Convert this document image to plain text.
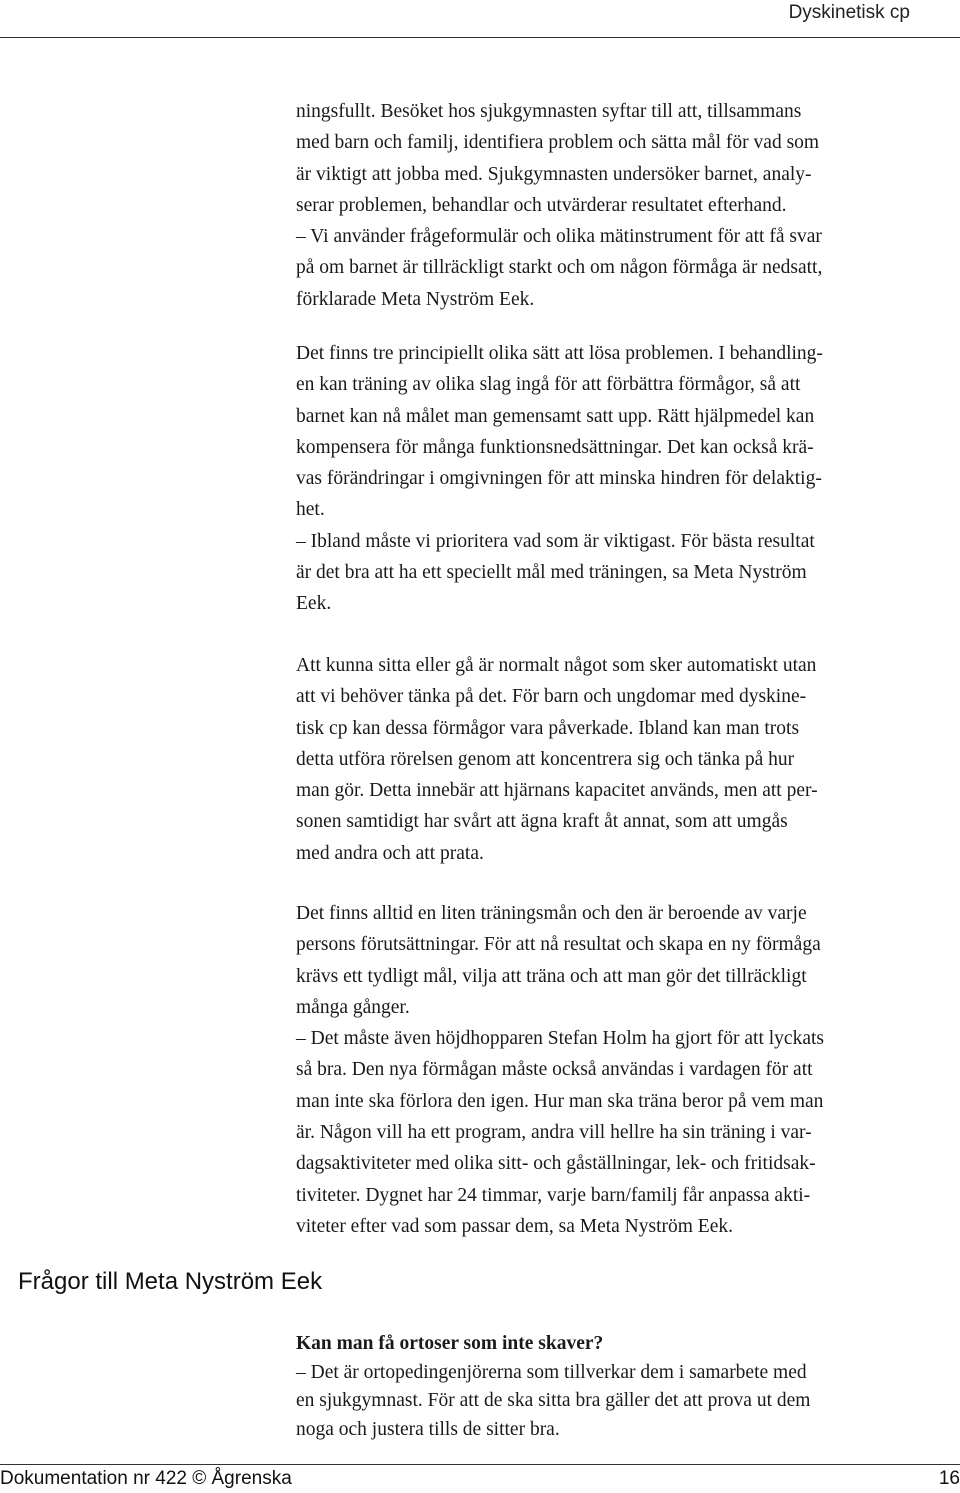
Dyskinetisk cp

ningsfullt. Besöket hos sjukgymnasten syftar till att, tillsammans
med barn och familj, identifiera problem och sätta mål för vad som
är viktigt att jobba med. Sjukgymnasten undersöker barnet, analy-
serar problemen, behandlar och utvärderar resultatet efterhand.
– Vi använder frågeformulär och olika mätinstrument för att få svar
på om barnet är tillräckligt starkt och om någon förmåga är nedsatt,
förklarade Meta Nyström Eek.

Det finns tre principiellt olika sätt att lösa problemen. I behandling-
en kan träning av olika slag ingå för att förbättra förmågor, så att
barnet kan nå målet man gemensamt satt upp. Rätt hjälpmedel kan
kompensera för många funktionsnedsättningar. Det kan också krä-
vas förändringar i omgivningen för att minska hindren för delaktig-
het.
– Ibland måste vi prioritera vad som är viktigast. För bästa resultat
är det bra att ha ett speciellt mål med träningen, sa Meta Nyström
Eek.

Att kunna sitta eller gå är normalt något som sker automatiskt utan
att vi behöver tänka på det. För barn och ungdomar med dyskine-
tisk cp kan dessa förmågor vara påverkade. Ibland kan man trots
detta utföra rörelsen genom att koncentrera sig och tänka på hur
man gör. Detta innebär att hjärnans kapacitet används, men att per-
sonen samtidigt har svårt att ägna kraft åt annat, som att umgås
med andra och att prata.

Det finns alltid en liten träningsmån och den är beroende av varje
persons förutsättningar. För att nå resultat och skapa en ny förmåga
krävs ett tydligt mål, vilja att träna och att man gör det tillräckligt
många gånger.
– Det måste även höjdhopparen Stefan Holm ha gjort för att lyckats
så bra. Den nya förmågan måste också användas i vardagen för att
man inte ska förlora den igen. Hur man ska träna beror på vem man
är. Någon vill ha ett program, andra vill hellre ha sin träning i var-
dagsaktiviteter med olika sitt- och gåställningar, lek- och fritidsak-
tiviteter. Dygnet har 24 timmar, varje barn/familj får anpassa akti-
viteter efter vad som passar dem, sa Meta Nyström Eek.

Frågor till Meta Nyström Eek

Kan man få ortoser som inte skaver?

– Det är ortopedingenjörerna som tillverkar dem i samarbete med
en sjukgymnast. För att de ska sitta bra gäller det att prova ut dem
noga och justera tills de sitter bra.

Dokumentation nr 422 © Ågrenska	16
